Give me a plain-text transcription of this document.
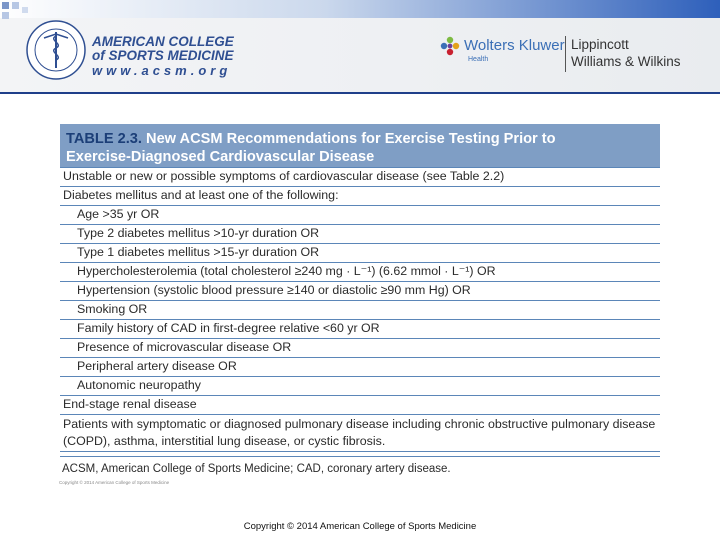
AMERICAN COLLEGE
of SPORTS MEDICINE
www.acsm.org
Wolters Kluwer
Health
Lippincott
Williams & Wilkins
TABLE 2.3. New ACSM Recommendations for Exercise Testing Prior to
Exercise-Diagnosed Cardiovascular Disease
Unstable or new or possible symptoms of cardiovascular disease (see Table 2.2)
Diabetes mellitus and at least one of the following:
Age >35 yr OR
Type 2 diabetes mellitus >10-yr duration OR
Type 1 diabetes mellitus >15-yr duration OR
Hypercholesterolemia (total cholesterol ≥240 mg · L⁻¹) (6.62 mmol · L⁻¹) OR
Hypertension (systolic blood pressure ≥140 or diastolic ≥90 mm Hg) OR
Smoking OR
Family history of CAD in first-degree relative <60 yr OR
Presence of microvascular disease OR
Peripheral artery disease OR
Autonomic neuropathy
End-stage renal disease
Patients with symptomatic or diagnosed pulmonary disease including chronic obstructive pulmonary disease (COPD), asthma, interstitial lung disease, or cystic fibrosis.
ACSM, American College of Sports Medicine; CAD, coronary artery disease.
Copyright © 2014 American College of Sports Medicine
Copyright © 2014 American College of Sports Medicine
